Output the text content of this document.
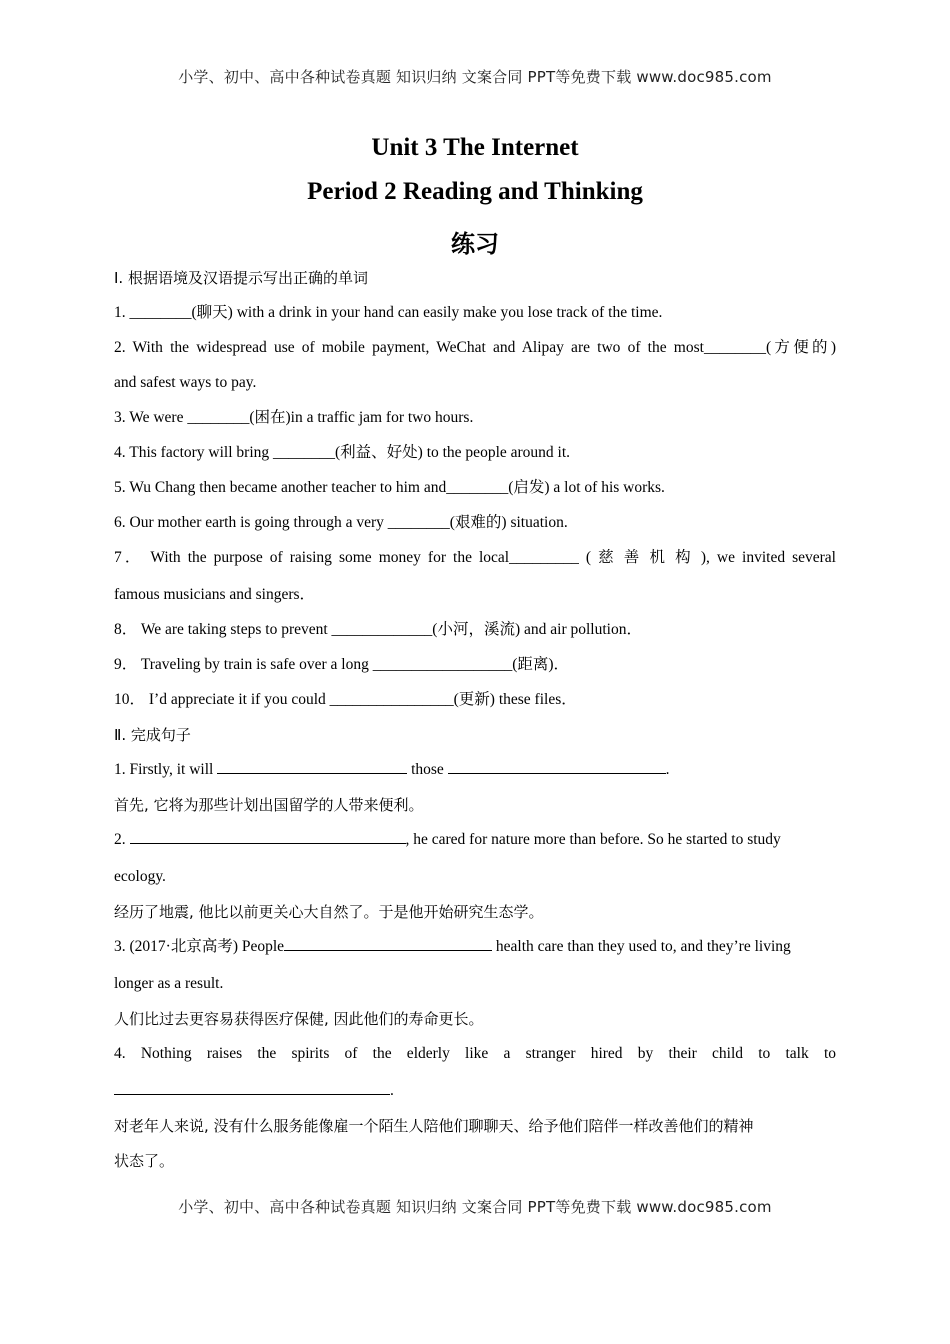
小学、初中、高中各种试卷真题 知识归纳 文案合同 PPT等免费下载 www.doc985.com
Unit 3 The Internet
Period 2 Reading and Thinking
练习
Ⅰ. 根据语境及汉语提示写出正确的单词
1. ________(聊天) with a drink in your hand can easily make you lose track of the time.
2. With the widespread use of mobile payment, WeChat and Alipay are two of the most________(方便的)
and safest ways to pay.
3. We were ________(困在)in a traffic jam for two hours.
4. This factory will bring ________(利益、好处) to the people around it.
5. Wu Chang then became another teacher to him and________(启发) a lot of his works.
6. Our mother earth is going through a very ________(艰难的) situation.
7． With the purpose of raising some money for the local_________ ( 慈 善 机 构 ), we invited several
famous musicians and singers．
8． We are taking steps to prevent _____________(小河，溪流) and air pollution．
9． Traveling by train is safe over a long __________________(距离)．
10． I’d appreciate it if you could ________________(更新) these files．
Ⅱ. 完成句子
1. Firstly, it will	those	.
首先, 它将为那些计划出国留学的人带来便利。
2.	, he cared for nature more than before. So he started to study
ecology.
经历了地震, 他比以前更关心大自然了。于是他开始研究生态学。
3. (2017·北京高考) People	health care than they used to, and they’re living
longer as a result.
人们比过去更容易获得医疗保健, 因此他们的寿命更长。
4. Nothing raises the spirits of the elderly like a stranger hired by their child to talk to
.
对老年人来说, 没有什么服务能像雇一个陌生人陪他们聊聊天、给予他们陪伴一样改善他们的精神
状态了。
小学、初中、高中各种试卷真题 知识归纳 文案合同 PPT等免费下载 www.doc985.com
